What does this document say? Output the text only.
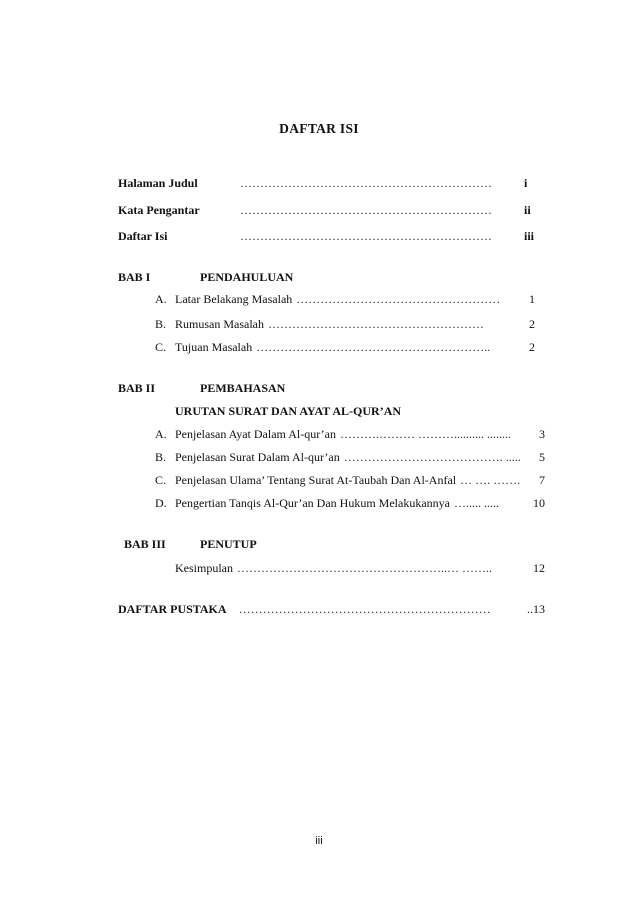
DAFTAR ISI
Halaman Judul	………………………………………………………	i
Kata Pengantar	………………………………………………………	ii
Daftar Isi	………………………………………………………	iii
BAB I	PENDAHULUAN
A. Latar Belakang Masalah ……………………………………………	1
B. Rumusan Masalah ………………………………………………	2
C. Tujuan Masalah …………………………………………………..	2
BAB II	PEMBAHASAN
URUTAN SURAT DAN AYAT AL-QUR’AN
A. Penjelasan Ayat Dalam Al-qur’an ……….……… ……….......... ........	3
B. Penjelasan Surat Dalam Al-qur’an …………………………………. .....	5
C. Penjelasan Ulama’ Tentang Surat At-Taubah Dan Al-Anfal … …. …….	7
D. Pengertian Tanqis Al-Qur’an Dan Hukum Melakukannya …..... .....	10
BAB III	PENUTUP
Kesimpulan ……………………………………………..… ……..	12
DAFTAR PUSTAKA ………………………………………………………	..13
iii
